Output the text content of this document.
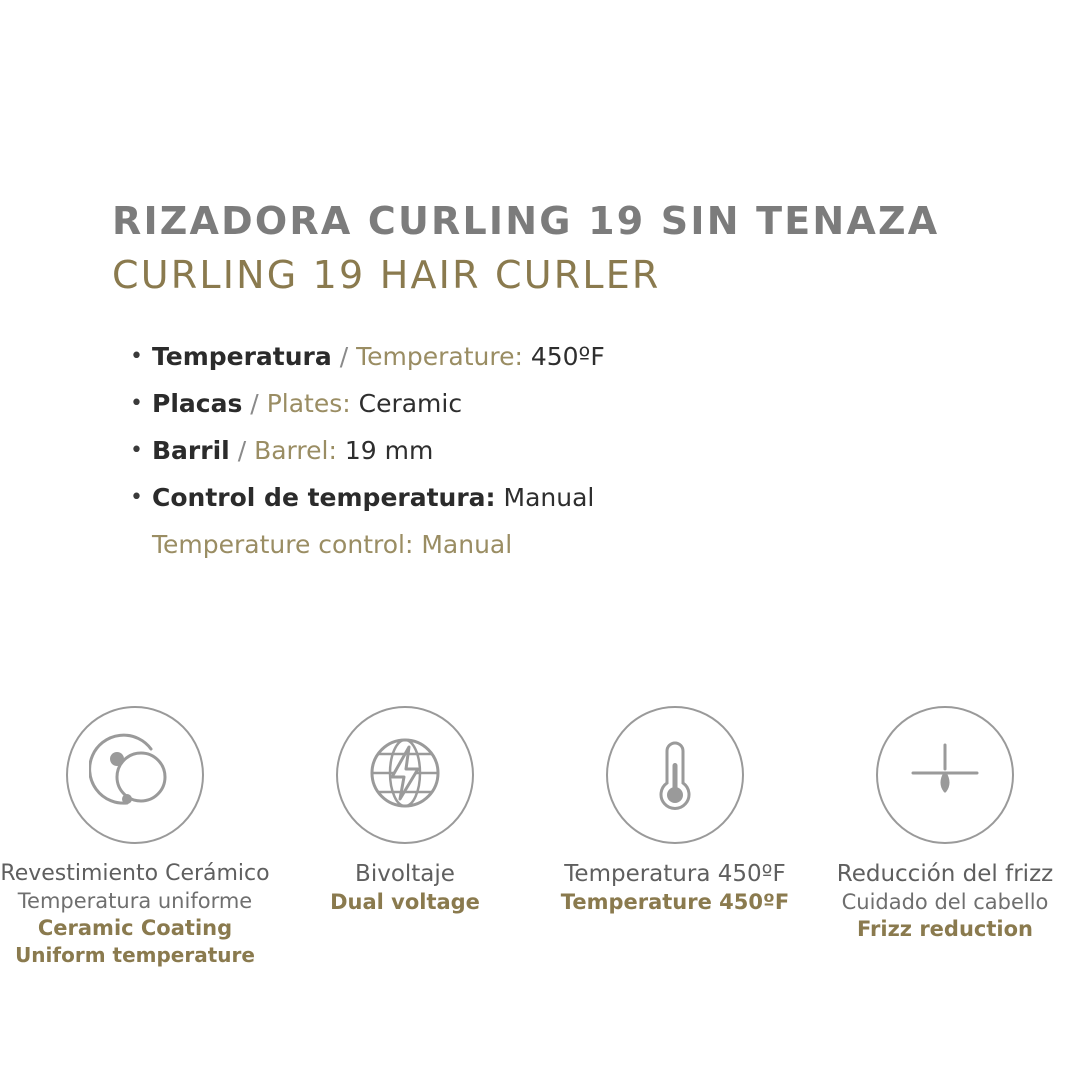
RIZADORA CURLING 19 SIN TENAZA
CURLING 19 HAIR CURLER
• Temperatura / Temperature: 450ºF
• Placas / Plates: Ceramic
• Barril / Barrel: 19 mm
• Control de temperatura: Manual
Temperature control: Manual
Revestimiento Cerámico
Temperatura uniforme
Ceramic Coating
Uniform temperature
Bivoltaje
Dual voltage
Temperatura 450ºF
Temperature 450ºF
Reducción del frizz
Cuidado del cabello
Frizz reduction
